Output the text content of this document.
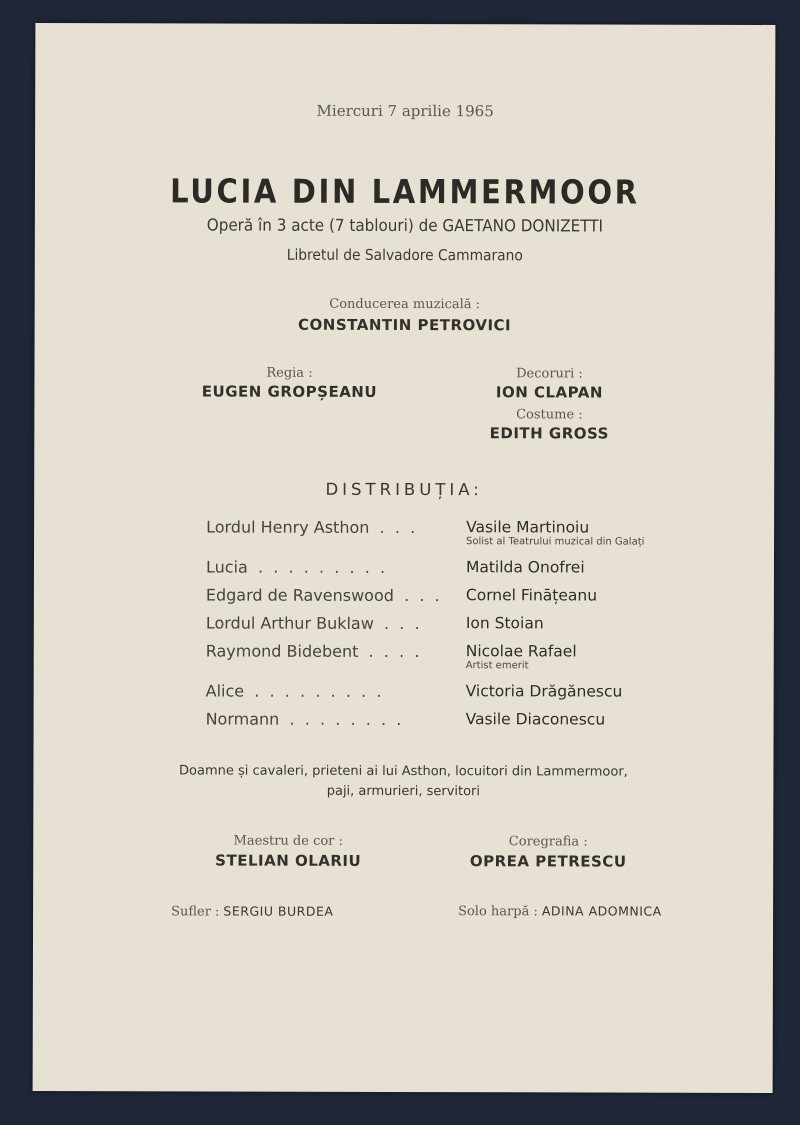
Miercuri 7 aprilie 1965
LUCIA DIN LAMMERMOOR
Operă în 3 acte (7 tablouri) de GAETANO DONIZETTI
Libretul de Salvadore Cammarano
Conducerea muzicală :
CONSTANTIN PETROVICI
· · ·
Regia :
EUGEN GROPȘEANU
Decoruri :
ION CLAPAN
Costume :
EDITH GROSS
DISTRIBUȚIA:
Lordul Henry Asthon  .  .  .	Vasile Martinoiu
Solist al Teatrului muzical din Galați
Lucia  .  .  .  .  .  .  .  .  .	Matilda Onofrei
Edgard de Ravenswood  .  .  . Cornel Fināțeanu
Lordul Arthur Buklaw  .  .  .	Ion Stoian
Raymond Bidebent  .  .  .  .	Nicolae Rafael
Artist emerit
Alice  .  .  .  .  .  .  .  .  .	Victoria Drăgănescu
Normann  .  .  .  .  .  .  .  .	Vasile Diaconescu
Doamne și cavaleri, prieteni ai lui Asthon, locuitori din Lammermoor,
paji, armurieri, servitori
Maestru de cor :
STELIAN OLARIU
Coregrafia :
OPREA PETRESCU
Sufler : SERGIU BURDEA	Solo harpă : ADINA ADOMNICA
